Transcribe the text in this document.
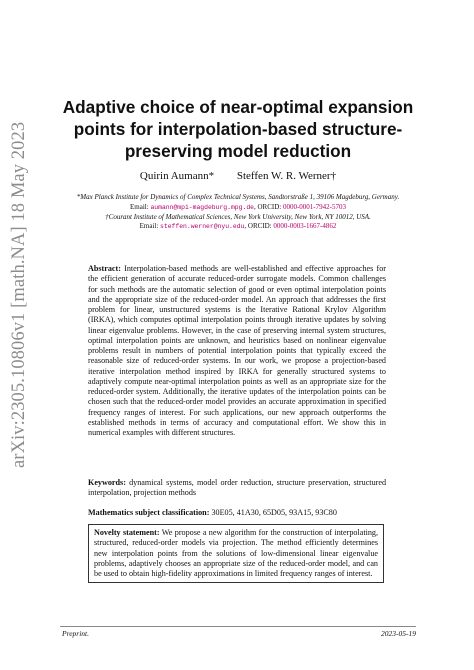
arXiv:2305.10806v1 [math.NA] 18 May 2023
Adaptive choice of near-optimal expansion points for interpolation-based structure-preserving model reduction
Quirin Aumann* Steffen W. R. Werner†
*Max Planck Institute for Dynamics of Complex Technical Systems, Sandtorstraße 1, 39106 Magdeburg, Germany.
Email: aumann@mpi-magdeburg.mpg.de, ORCID: 0000-0001-7942-5703
†Courant Institute of Mathematical Sciences, New York University, New York, NY 10012, USA.
Email: steffen.werner@nyu.edu, ORCID: 0000-0003-1667-4862
Abstract: Interpolation-based methods are well-established and effective approaches for the efficient generation of accurate reduced-order surrogate models. Common challenges for such methods are the automatic selection of good or even optimal interpolation points and the appropriate size of the reduced-order model. An approach that addresses the first problem for linear, unstructured systems is the Iterative Rational Krylov Algorithm (IRKA), which computes optimal interpolation points through iterative updates by solving linear eigenvalue problems. However, in the case of preserving internal system structures, optimal interpolation points are unknown, and heuristics based on nonlinear eigenvalue problems result in numbers of potential interpolation points that typically exceed the reasonable size of reduced-order systems. In our work, we propose a projection-based iterative interpolation method inspired by IRKA for generally structured systems to adaptively compute near-optimal interpolation points as well as an appropriate size for the reduced-order system. Additionally, the iterative updates of the interpolation points can be chosen such that the reduced-order model provides an accurate approximation in specified frequency ranges of interest. For such applications, our new approach outperforms the established methods in terms of accuracy and computational effort. We show this in numerical examples with different structures.
Keywords: dynamical systems, model order reduction, structure preservation, structured interpolation, projection methods
Mathematics subject classification: 30E05, 41A30, 65D05, 93A15, 93C80
Novelty statement: We propose a new algorithm for the construction of interpolating, structured, reduced-order models via projection. The method efficiently determines new interpolation points from the solutions of low-dimensional linear eigenvalue problems, adaptively chooses an appropriate size of the reduced-order model, and can be used to obtain high-fidelity approximations in limited frequency ranges of interest.
Preprint.	2023-05-19
